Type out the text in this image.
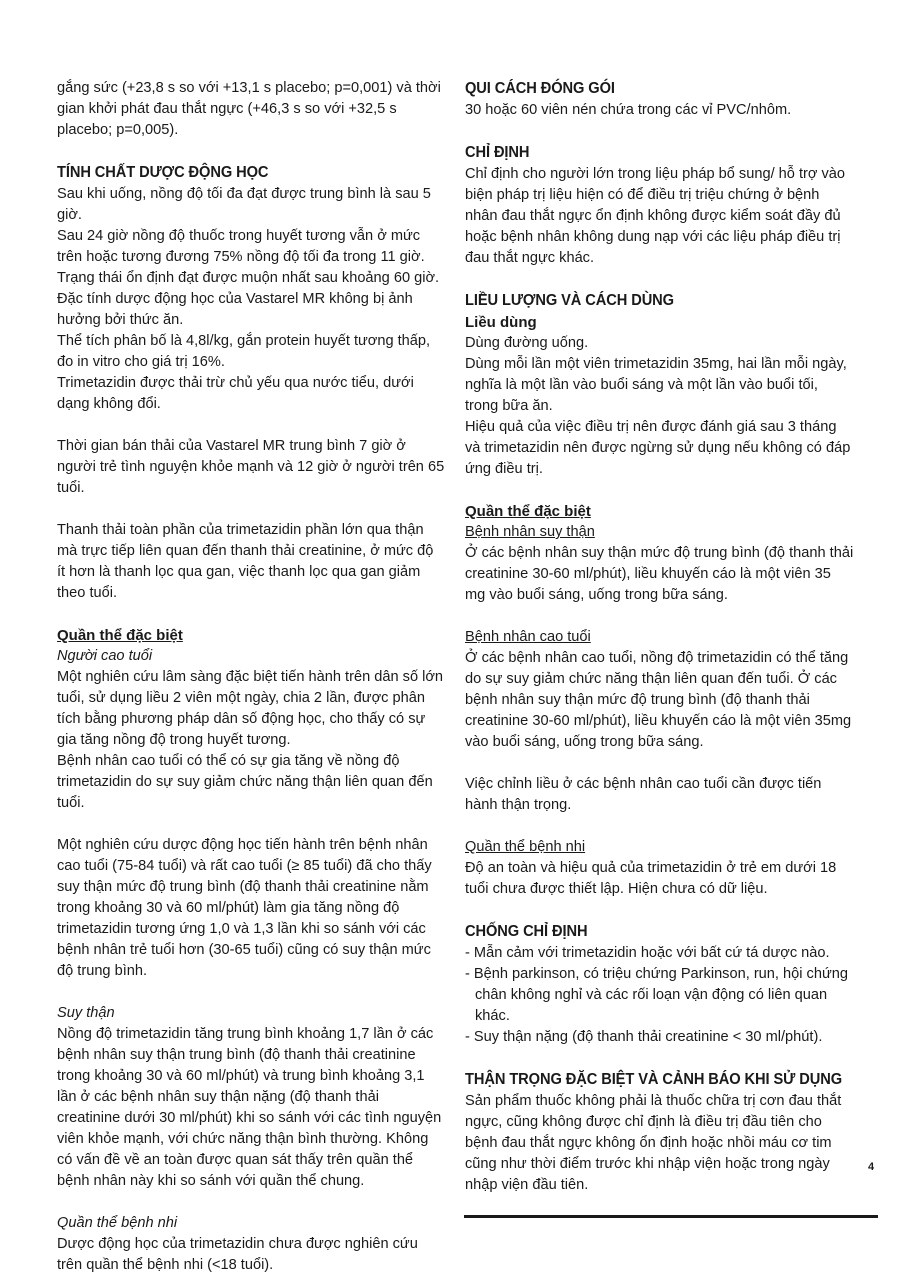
gắng sức (+23,8 s so với +13,1 s placebo; p=0,001) và thời gian khởi phát đau thắt ngực (+46,3 s so với +32,5 s placebo; p=0,005).

TÍNH CHẤT DƯỢC ĐỘNG HỌC

Sau khi uống, nồng độ tối đa đạt được trung bình là sau 5 giờ.

Sau 24 giờ nồng độ thuốc trong huyết tương vẫn ở mức trên hoặc tương đương 75% nồng độ tối đa trong 11 giờ.

Trạng thái ổn định đạt được muộn nhất sau khoảng 60 giờ.

Đặc tính dược động học của Vastarel MR không bị ảnh hưởng bởi thức ăn.

Thể tích phân bố là 4,8l/kg, gắn protein huyết tương thấp, đo in vitro cho giá trị 16%.

Trimetazidin được thải trừ chủ yếu qua nước tiểu, dưới dạng không đổi.

Thời gian bán thải của Vastarel MR trung bình 7 giờ ở người trẻ tình nguyện khỏe mạnh và 12 giờ ở người trên 65 tuổi.

Thanh thải toàn phần của trimetazidin phần lớn qua thận mà trực tiếp liên quan đến thanh thải creatinine, ở mức độ ít hơn là thanh lọc qua gan, việc thanh lọc qua gan giảm theo tuổi.

Quần thể đặc biệt

Người cao tuổi

Một nghiên cứu lâm sàng đặc biệt tiến hành trên dân số lớn tuổi, sử dụng liều 2 viên một ngày, chia 2 lần, được phân tích bằng phương pháp dân số động học, cho thấy có sự gia tăng nồng độ trong huyết tương.

Bệnh nhân cao tuổi có thể có sự gia tăng về nồng độ trimetazidin do sự suy giảm chức năng thận liên quan đến tuổi.

Một nghiên cứu dược động học tiến hành trên bệnh nhân cao tuổi (75-84 tuổi) và rất cao tuổi (≥ 85 tuổi) đã cho thấy suy thận mức độ trung bình (độ thanh thải creatinine nằm trong khoảng 30 và 60 ml/phút) làm gia tăng nồng độ trimetazidin tương ứng 1,0 và 1,3 lần khi so sánh với các bệnh nhân trẻ tuổi hơn (30-65 tuổi) cũng có suy thận mức độ trung bình.

Suy thận

Nồng độ trimetazidin tăng trung bình khoảng 1,7 lần ở các bệnh nhân suy thận trung bình (độ thanh thải creatinine trong khoảng 30 và 60 ml/phút) và trung bình khoảng 3,1 lần ở các bệnh nhân suy thận nặng (độ thanh thải creatinine dưới 30 ml/phút) khi so sánh với các tình nguyện viên khỏe mạnh, với chức năng thận bình thường. Không có vấn đề về an toàn được quan sát thấy trên quần thể bệnh nhân này khi so sánh với quần thể chung.

Quần thể bệnh nhi

Dược động học của trimetazidin chưa được nghiên cứu trên quần thể bệnh nhi (<18 tuổi).

QUI CÁCH ĐÓNG GÓI

30 hoặc 60 viên nén chứa trong các vỉ PVC/nhôm.

CHỈ ĐỊNH

Chỉ định cho người lớn trong liệu pháp bổ sung/ hỗ trợ vào biện pháp trị liệu hiện có để điều trị triệu chứng ở bệnh nhân đau thắt ngực ổn định không được kiểm soát đầy đủ hoặc bệnh nhân không dung nạp với các liệu pháp điều trị đau thắt ngực khác.

LIỀU LƯỢNG VÀ CÁCH DÙNG
Liều dùng

Dùng đường uống.

Dùng mỗi lần một viên trimetazidin 35mg, hai lần mỗi ngày, nghĩa là một lần vào buổi sáng và một lần vào buổi tối, trong bữa ăn.

Hiệu quả của việc điều trị nên được đánh giá sau 3 tháng và trimetazidin nên được ngừng sử dụng nếu không có đáp ứng điều trị.

Quần thể đặc biệt

Bệnh nhân suy thận

Ở các bệnh nhân suy thận mức độ trung bình (độ thanh thải creatinine 30-60 ml/phút), liều khuyến cáo là một viên 35 mg vào buổi sáng, uống trong bữa sáng.

Bệnh nhân cao tuổi

Ở các bệnh nhân cao tuổi, nồng độ trimetazidin có thể tăng do sự suy giảm chức năng thận liên quan đến tuổi. Ở các bệnh nhân suy thận mức độ trung bình (độ thanh thải creatinine 30-60 ml/phút), liều khuyến cáo là một viên 35mg vào buổi sáng, uống trong bữa sáng.

Việc chỉnh liều ở các bệnh nhân cao tuổi cần được tiến hành thận trọng.

Quần thể bệnh nhi

Độ an toàn và hiệu quả của trimetazidin ở trẻ em dưới 18 tuổi chưa được thiết lập. Hiện chưa có dữ liệu.

CHỐNG CHỈ ĐỊNH
- Mẫn cảm với trimetazidin hoặc với bất cứ tá dược nào.
- Bệnh parkinson, có triệu chứng Parkinson, run, hội chứng chân không nghỉ và các rối loạn vận động có liên quan khác.
- Suy thận nặng (độ thanh thải creatinine < 30 ml/phút).
THẬN TRỌNG ĐẶC BIỆT VÀ CẢNH BÁO KHI SỬ DỤNG

Sản phẩm thuốc không phải là thuốc chữa trị cơn đau thắt ngực, cũng không được chỉ định là điều trị đầu tiên cho bệnh đau thắt ngực không ổn định hoặc nhồi máu cơ tim cũng như thời điểm trước khi nhập viện hoặc trong ngày nhập viện đầu tiên.

4
